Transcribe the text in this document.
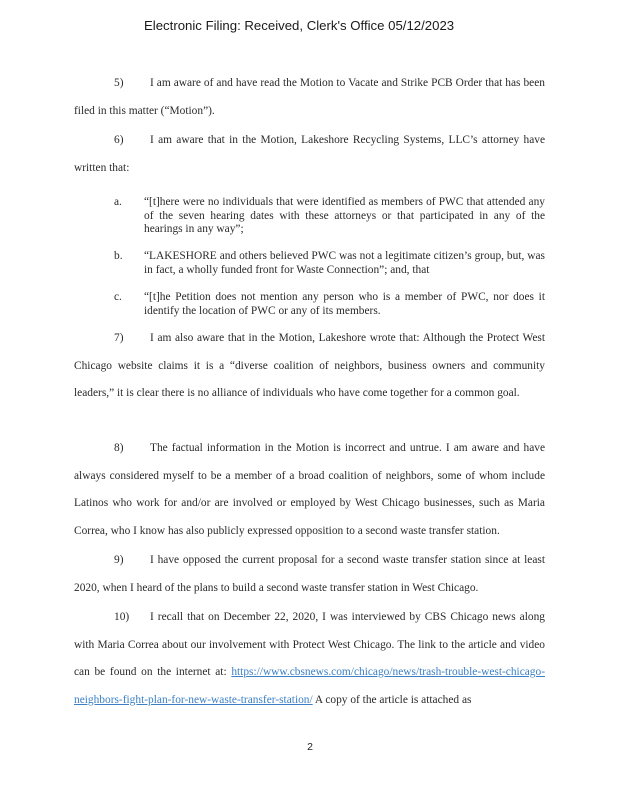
Electronic Filing: Received, Clerk's Office 05/12/2023

5) I am aware of and have read the Motion to Vacate and Strike PCB Order that has been filed in this matter (“Motion”).

6) I am aware that in the Motion, Lakeshore Recycling Systems, LLC’s attorney have written that:

a.	“[t]here were no individuals that were identified as members of PWC that attended any of the seven hearing dates with these attorneys or that participated in any of the hearings in any way”;
b.	“LAKESHORE and others believed PWC was not a legitimate citizen’s group, but, was in fact, a wholly funded front for Waste Connection”; and, that
c.	“[t]he Petition does not mention any person who is a member of PWC, nor does it identify the location of PWC or any of its members.

7) I am also aware that in the Motion, Lakeshore wrote that: Although the Protect West Chicago website claims it is a “diverse coalition of neighbors, business owners and community leaders,” it is clear there is no alliance of individuals who have come together for a common goal.

8) The factual information in the Motion is incorrect and untrue. I am aware and have always considered myself to be a member of a broad coalition of neighbors, some of whom include Latinos who work for and/or are involved or employed by West Chicago businesses, such as Maria Correa, who I know has also publicly expressed opposition to a second waste transfer station.

9) I have opposed the current proposal for a second waste transfer station since at least 2020, when I heard of the plans to build a second waste transfer station in West Chicago.

10) I recall that on December 22, 2020, I was interviewed by CBS Chicago news along with Maria Correa about our involvement with Protect West Chicago. The link to the article and video can be found on the internet at: https://www.cbsnews.com/chicago/news/trash-trouble-west-chicago-neighbors-fight-plan-for-new-waste-transfer-station/ A copy of the article is attached as

2
